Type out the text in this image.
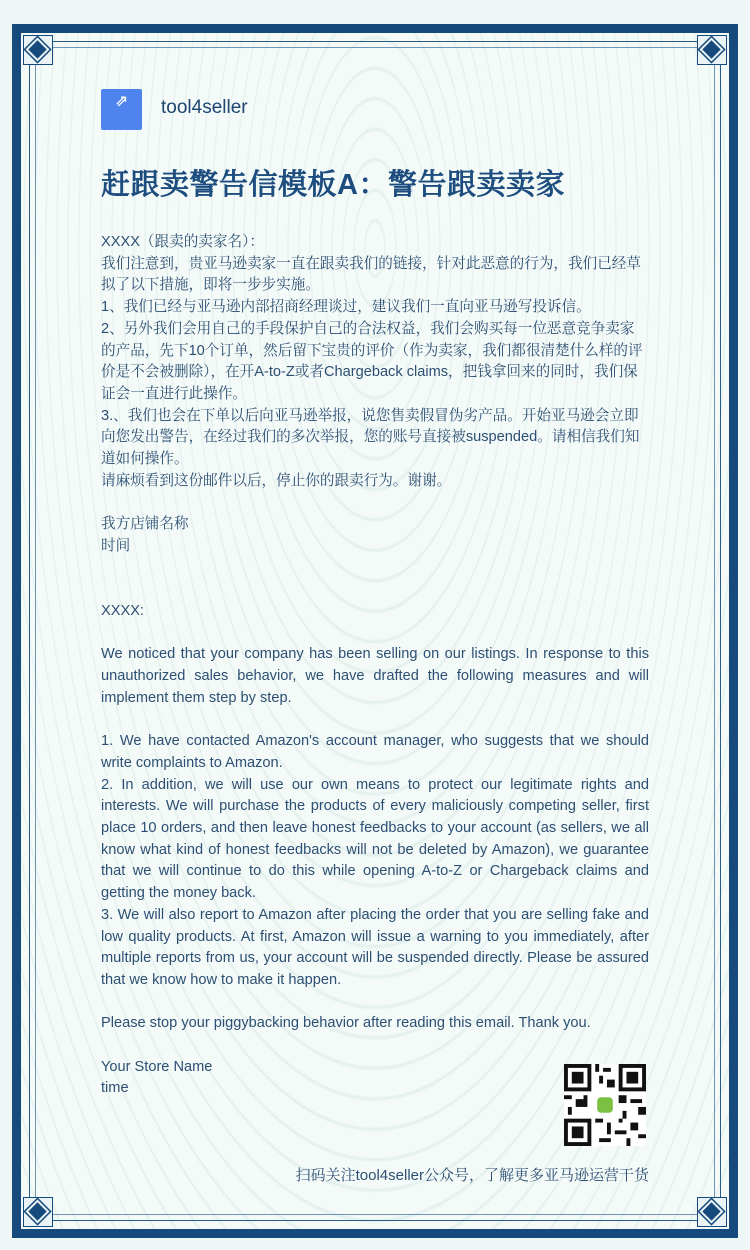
⇗	tool4seller
赶跟卖警告信模板A：警告跟卖卖家

XXXX（跟卖的卖家名）：

我们注意到，贵亚马逊卖家一直在跟卖我们的链接，针对此恶意的行为，我们已经草拟了以下措施，即将一步步实施。

1、我们已经与亚马逊内部招商经理谈过，建议我们一直向亚马逊写投诉信。

2、另外我们会用自己的手段保护自己的合法权益，我们会购买每一位恶意竞争卖家的产品，先下10个订单，然后留下宝贵的评价（作为卖家，我们都很清楚什么样的评价是不会被删除），在开A-to-Z或者Chargeback claims，把钱拿回来的同时，我们保证会一直进行此操作。

3.、我们也会在下单以后向亚马逊举报，说您售卖假冒伪劣产品。开始亚马逊会立即向您发出警告，在经过我们的多次举报，您的账号直接被suspended。请相信我们知道如何操作。

请麻烦看到这份邮件以后，停止你的跟卖行为。谢谢。

我方店铺名称

时间

XXXX:

We noticed that your company has been selling on our listings. In response to this unauthorized sales behavior, we have drafted the following measures and will implement them step by step.

1. We have contacted Amazon's account manager, who suggests that we should write complaints to Amazon.

2. In addition, we will use our own means to protect our legitimate rights and interests. We will purchase the products of every maliciously competing seller, first place 10 orders, and then leave honest feedbacks to your account (as sellers, we all know what kind of honest feedbacks will not be deleted by Amazon), we guarantee that we will continue to do this while opening A-to-Z or Chargeback claims and getting the money back.

3. We will also report to Amazon after placing the order that you are selling fake and low quality products. At first, Amazon will issue a warning to you immediately, after multiple reports from us, your account will be suspended directly. Please be assured that we know how to make it happen.

Please stop your piggybacking behavior after reading this email. Thank you.

Your Store Name

time

扫码关注tool4seller公众号，了解更多亚马逊运营干货
